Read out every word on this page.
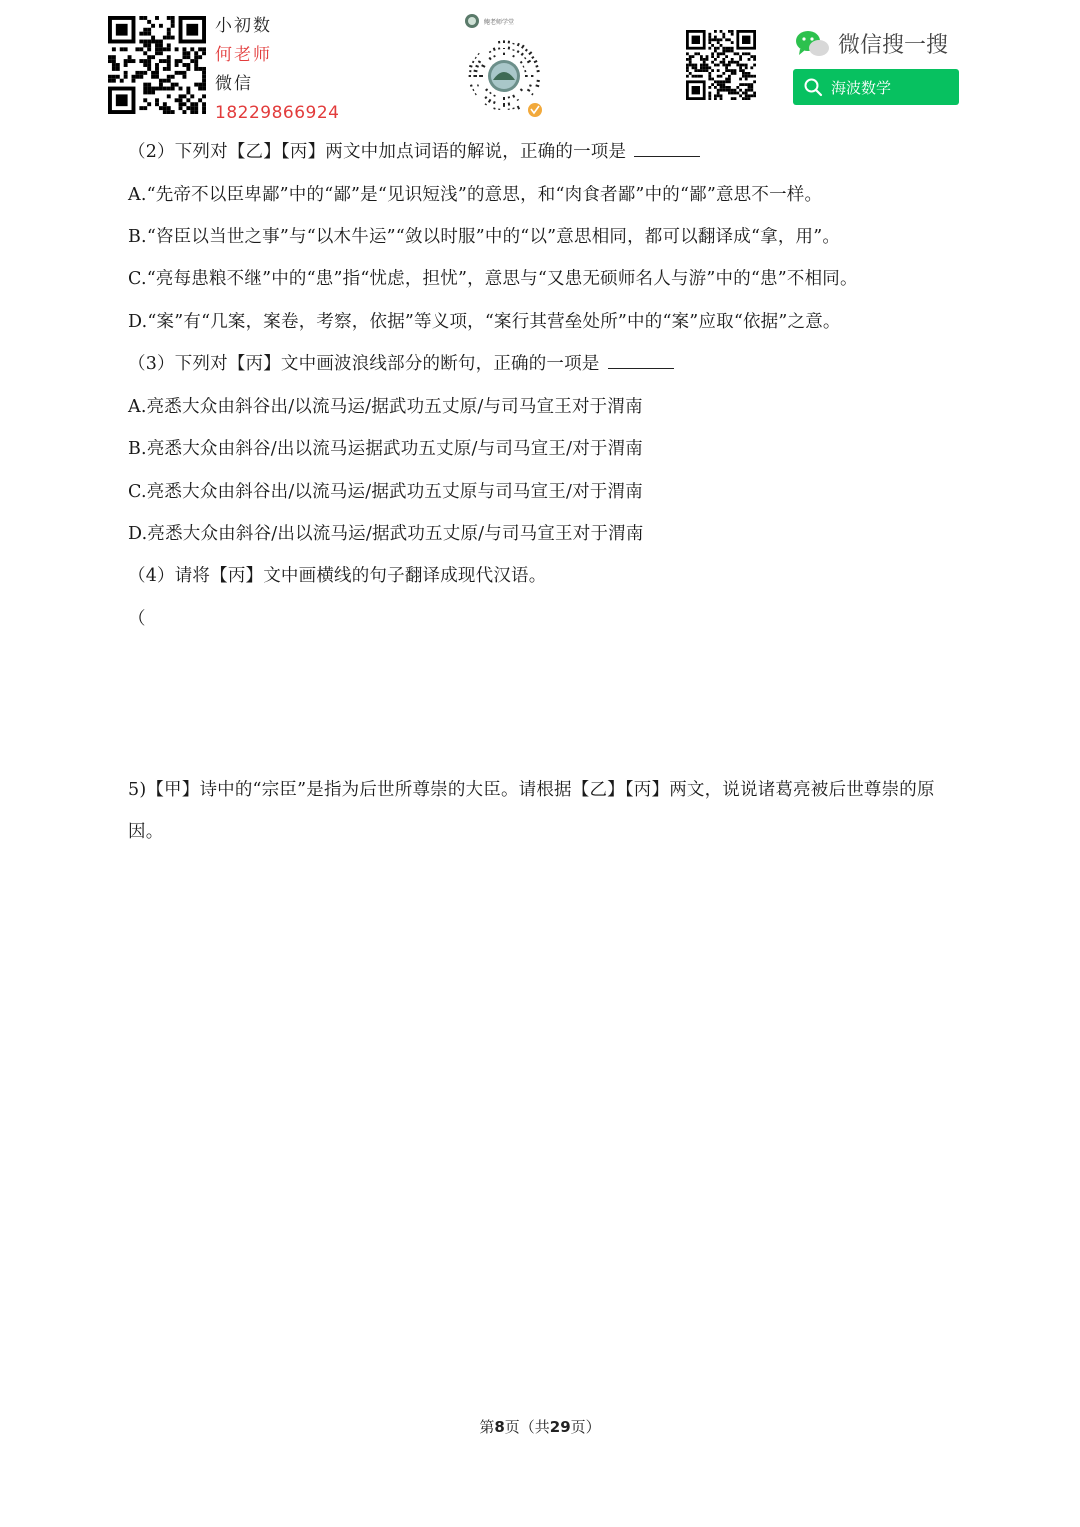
小初数
何老师
微信
18229866924
鲍老师学堂
微信搜一搜
海波数学
（2）下列对【乙】【丙】两文中加点词语的解说，正确的一项是
A.“先帝不以臣卑鄙”中的“鄙”是“见识短浅”的意思，和“肉食者鄙”中的“鄙”意思不一样。
B.“咨臣以当世之事”与“以木牛运”“敛以时服”中的“以”意思相同，都可以翻译成“拿，用”。
C.“亮每患粮不继”中的“患”指“忧虑，担忧”，意思与“又患无硕师名人与游”中的“患”不相同。
D.“案”有“几案，案卷，考察，依据”等义项，“案行其营垒处所”中的“案”应取“依据”之意。
（3）下列对【丙】文中画波浪线部分的断句，正确的一项是
A.亮悉大众由斜谷出/以流马运/据武功五丈原/与司马宣王对于渭南
B.亮悉大众由斜谷/出以流马运据武功五丈原/与司马宣王/对于渭南
C.亮悉大众由斜谷出/以流马运/据武功五丈原与司马宣王/对于渭南
D.亮悉大众由斜谷/出以流马运/据武功五丈原/与司马宣王对于渭南
（4）请将【丙】文中画横线的句子翻译成现代汉语。
（
5)【甲】诗中的“宗臣”是指为后世所尊崇的大臣。请根据【乙】【丙】两文，说说诸葛亮被后世尊崇的原
因。
第8页（共29页）
